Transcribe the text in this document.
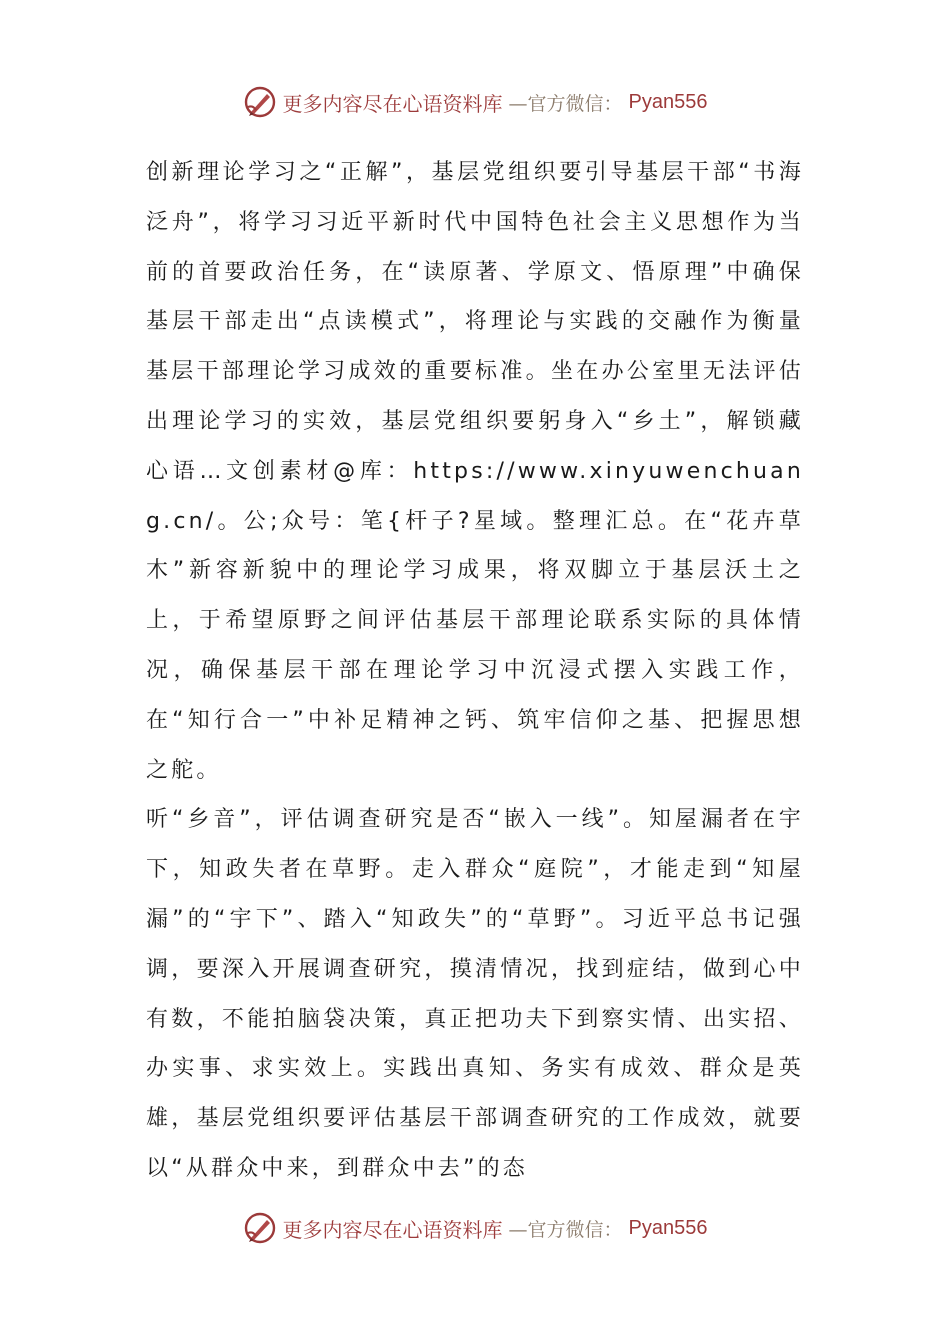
更多内容尽在心语资料库 —官方微信： Pyan556

创新理论学习之“正解”，基层党组织要引导基层干部“书海泛舟”，将学习习近平新时代中国特色社会主义思想作为当前的首要政治任务，在“读原著、学原文、悟原理”中确保基层干部走出“点读模式”，将理论与实践的交融作为衡量基层干部理论学习成效的重要标准。坐在办公室里无法评估出理论学习的实效，基层党组织要躬身入“乡土”，解锁藏心语…文创素材@库：https://www.xinyuwenchuang.cn/。公;众号：笔{杆子?星域。整理汇总。在“花卉草木”新容新貌中的理论学习成果，将双脚立于基层沃土之上，于希望原野之间评估基层干部理论联系实际的具体情况，确保基层干部在理论学习中沉浸式摆入实践工作，在“知行合一”中补足精神之钙、筑牢信仰之基、把握思想之舵。

听“乡音”，评估调查研究是否“嵌入一线”。知屋漏者在宇下，知政失者在草野。走入群众“庭院”，才能走到“知屋漏”的“宇下”、踏入“知政失”的“草野”。习近平总书记强调，要深入开展调查研究，摸清情况，找到症结，做到心中有数，不能拍脑袋决策，真正把功夫下到察实情、出实招、办实事、求实效上。实践出真知、务实有成效、群众是英雄，基层党组织要评估基层干部调查研究的工作成效，就要以“从群众中来，到群众中去”的态

更多内容尽在心语资料库 —官方微信： Pyan556
